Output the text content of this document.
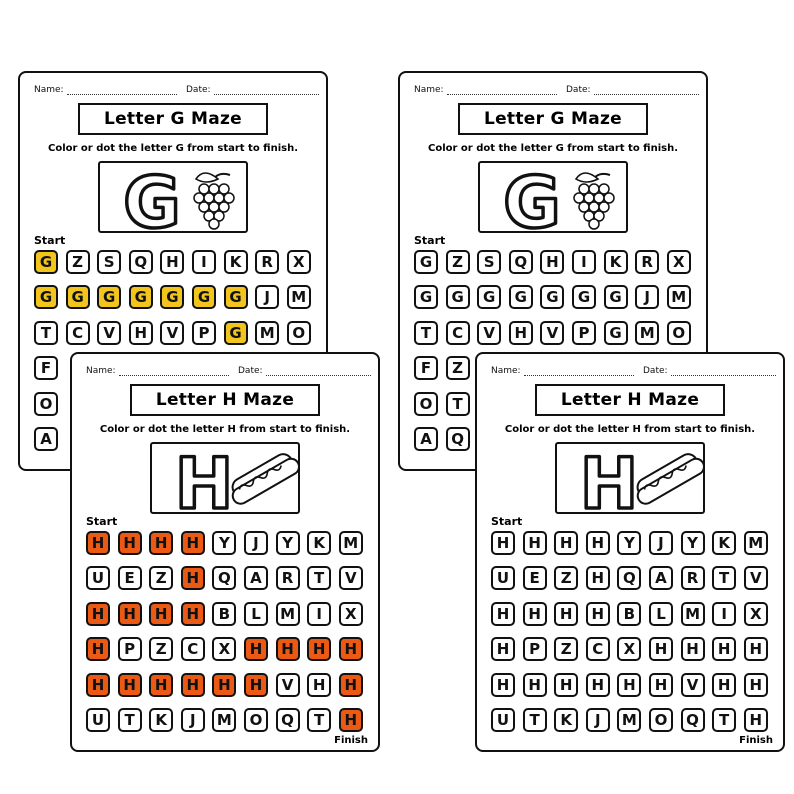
Name:	Date:
Letter G Maze
Color or dot the letter G from start to finish.
G
Start
G	Z	S	Q	H	I	K	R	X
G	G	G	G	G	G	G	J	M
T	C	V	H	V	P	G	M	O
F
O
A
Name:	Date:
Letter G Maze
Color or dot the letter G from start to finish.
G
Start
G	Z	S	Q	H	I	K	R	X
G	G	G	G	G	G	G	J	M
T	C	V	H	V	P	G	M	O
F	Z
O	T
A	Q
Name:	Date:
Letter H Maze
Color or dot the letter H from start to finish.
H
Start
H	H	H	H	Y	J	Y	K	M
U	E	Z	H	Q	A	R	T	V
H	H	H	H	B	L	M	I	X
H	P	Z	C	X	H	H	H	H
H	H	H	H	H	H	V	H	H
U	T	K	J	M	O	Q	T	H
Finish
Name:	Date:
Letter H Maze
Color or dot the letter H from start to finish.
H
Start
H	H	H	H	Y	J	Y	K	M
U	E	Z	H	Q	A	R	T	V
H	H	H	H	B	L	M	I	X
H	P	Z	C	X	H	H	H	H
H	H	H	H	H	H	V	H	H
U	T	K	J	M	O	Q	T	H
Finish
